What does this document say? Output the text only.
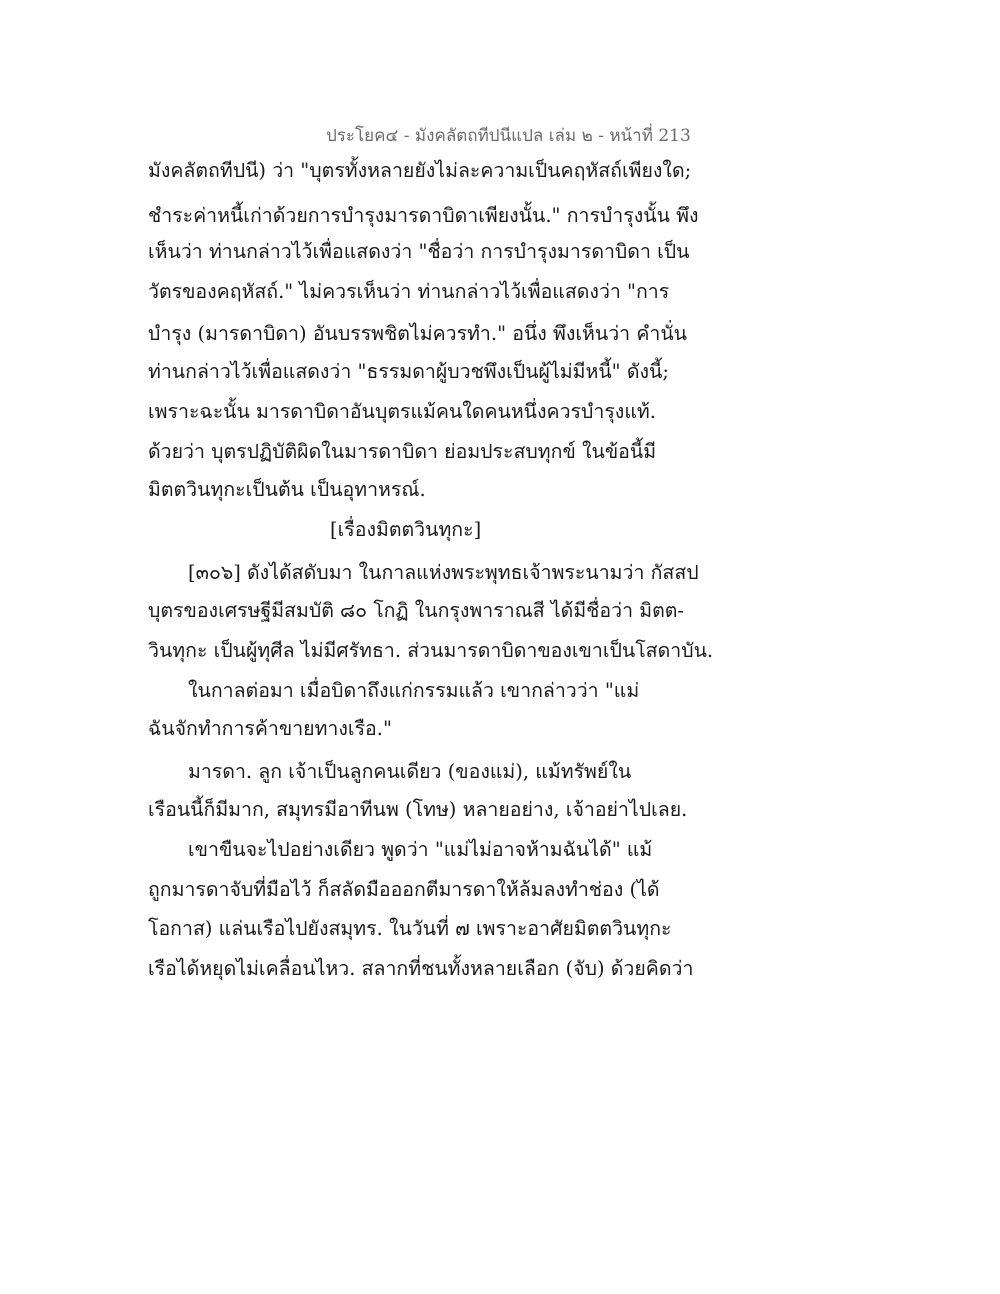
ประโยค๔ - มังคลัตถทีปนีแปล เล่ม ๒ - หน้าที่ 213
มังคลัตถทีปนี) ว่า "บุตรทั้งหลายยังไม่ละความเป็นคฤหัสถ์เพียงใด;
ชำระค่าหนี้เก่าด้วยการบำรุงมารดาบิดาเพียงนั้น." การบำรุงนั้น พึง
เห็นว่า ท่านกล่าวไว้เพื่อแสดงว่า "ชื่อว่า การบำรุงมารดาบิดา เป็น
วัตรของคฤหัสถ์." ไม่ควรเห็นว่า ท่านกล่าวไว้เพื่อแสดงว่า "การ
บำรุง (มารดาบิดา) อันบรรพชิตไม่ควรทำ." อนึ่ง พึงเห็นว่า คำนั่น
ท่านกล่าวไว้เพื่อแสดงว่า "ธรรมดาผู้บวชพึงเป็นผู้ไม่มีหนี้" ดังนี้;
เพราะฉะนั้น มารดาบิดาอันบุตรแม้คนใดคนหนึ่งควรบำรุงแท้.
ด้วยว่า บุตรปฏิบัติผิดในมารดาบิดา ย่อมประสบทุกข์ ในข้อนี้มี
มิตตวินทุกะเป็นต้น เป็นอุทาหรณ์.
[เรื่องมิตตวินทุกะ]
[๓๐๖] ดังได้สดับมา ในกาลแห่งพระพุทธเจ้าพระนามว่า กัสสป
บุตรของเศรษฐีมีสมบัติ ๘๐ โกฏิ ในกรุงพาราณสี ได้มีชื่อว่า มิตต-
วินทุกะ เป็นผู้ทุศีล ไม่มีศรัทธา. ส่วนมารดาบิดาของเขาเป็นโสดาบัน.
ในกาลต่อมา เมื่อบิดาถึงแก่กรรมแล้ว เขากล่าวว่า "แม่
ฉันจักทำการค้าขายทางเรือ."
มารดา. ลูก เจ้าเป็นลูกคนเดียว (ของแม่), แม้ทรัพย์ใน
เรือนนี้ก็มีมาก, สมุทรมีอาทีนพ (โทษ) หลายอย่าง, เจ้าอย่าไปเลย.
เขาขืนจะไปอย่างเดียว พูดว่า "แม่ไม่อาจห้ามฉันได้" แม้
ถูกมารดาจับที่มือไว้ ก็สลัดมือออกตีมารดาให้ล้มลงทำช่อง (ได้
โอกาส) แล่นเรือไปยังสมุทร. ในวันที่ ๗ เพราะอาศัยมิตตวินทุกะ
เรือได้หยุดไม่เคลื่อนไหว. สลากที่ชนทั้งหลายเลือก (จับ) ด้วยคิดว่า
